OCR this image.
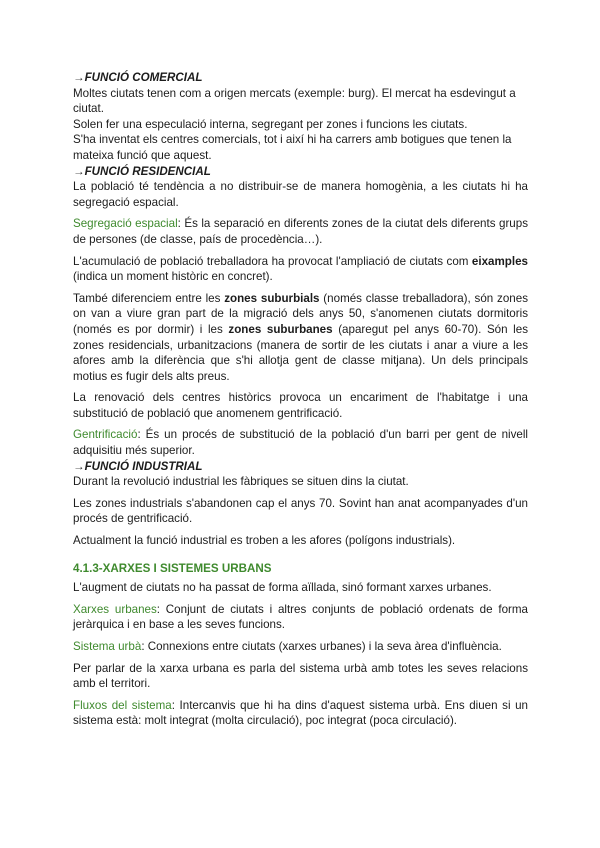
→FUNCIÓ COMERCIAL

Moltes ciutats tenen com a origen mercats (exemple: burg). El mercat ha esdevingut a ciutat.

Solen fer una especulació interna, segregant per zones i funcions les ciutats.

S'ha inventat els centres comercials, tot i així hi ha carrers amb botigues que tenen la mateixa funció que aquest.

→FUNCIÓ RESIDENCIAL

La població té tendència a no distribuir-se de manera homogènia, a les ciutats hi ha segregació espacial.

Segregació espacial: És la separació en diferents zones de la ciutat dels diferents grups de persones (de classe, país de procedència…).

L'acumulació de població treballadora ha provocat l'ampliació de ciutats com eixamples (indica un moment històric en concret).

També diferenciem entre les zones suburbials (només classe treballadora), són zones on van a viure gran part de la migració dels anys 50, s'anomenen ciutats dormitoris (només es por dormir) i les zones suburbanes (aparegut pel anys 60-70). Són les zones residencials, urbanitzacions (manera de sortir de les ciutats i anar a viure a les afores amb la diferència que s'hi allotja gent de classe mitjana). Un dels principals motius es fugir dels alts preus.

La renovació dels centres històrics provoca un encariment de l'habitatge i una substitució de població que anomenem gentrificació.

Gentrificació: És un procés de substitució de la població d'un barri per gent de nivell adquisitiu més superior.

→FUNCIÓ INDUSTRIAL

Durant la revolució industrial les fàbriques se situen dins la ciutat.

Les zones industrials s'abandonen cap el anys 70. Sovint han anat acompanyades d'un procés de gentrificació.

Actualment la funció industrial es troben a les afores (polígons industrials).

4.1.3-XARXES I SISTEMES URBANS

L'augment de ciutats no ha passat de forma aïllada, sinó formant xarxes urbanes.

Xarxes urbanes: Conjunt de ciutats i altres conjunts de població ordenats de forma jeràrquica i en base a les seves funcions.

Sistema urbà: Connexions entre ciutats (xarxes urbanes) i la seva àrea d'influència.

Per parlar de la xarxa urbana es parla del sistema urbà amb totes les seves relacions amb el territori.

Fluxos del sistema: Intercanvis que hi ha dins d'aquest sistema urbà. Ens diuen si un sistema està: molt integrat (molta circulació), poc integrat (poca circulació).
